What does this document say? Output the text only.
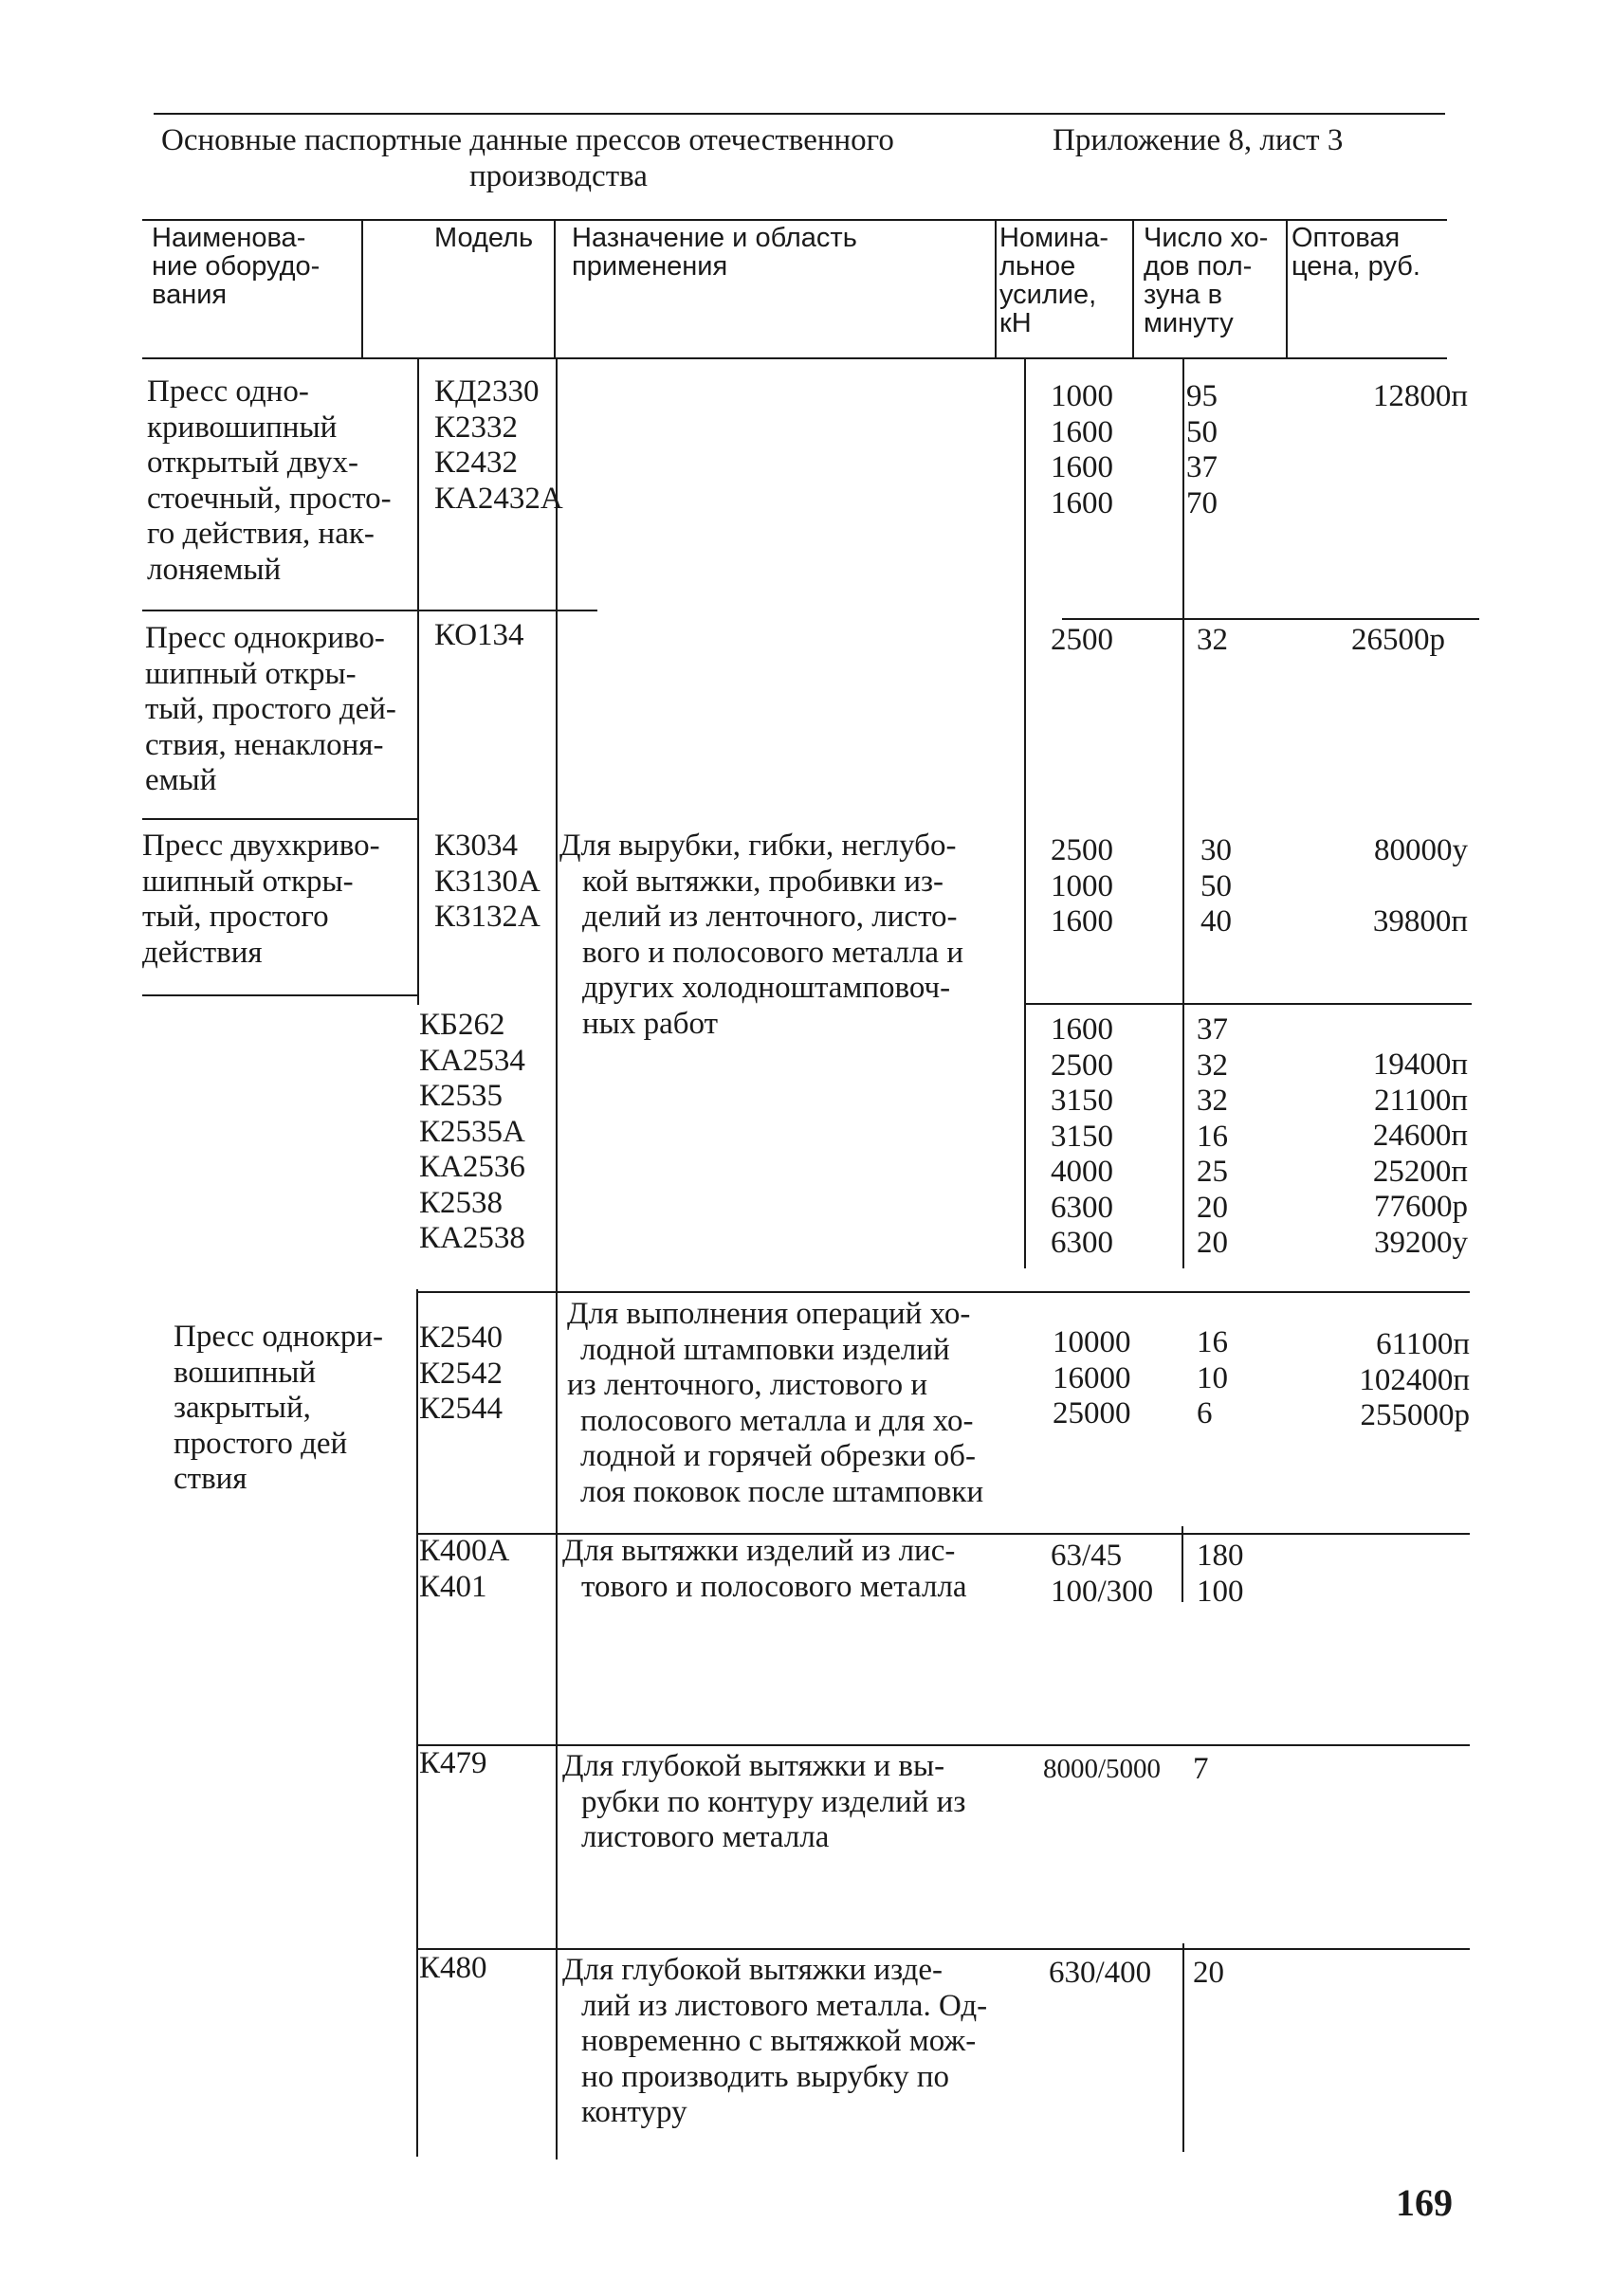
Основные паспортные данные прессов отечественного
производства
Приложение 8, лист 3
Наименова-
ние оборудо-
вания
Модель Назначение и область
применения
Номина-
льное
усилие,
кН
Число хо-
дов пол-
зуна в
минуту
Оптовая
цена, руб.
Пресс одно-
кривошипный
открытый двух-
стоечный, просто-
го действия, нак-
лоняемый
Пресс однокриво-
шипный откры-
тый, простого дей-
ствия, ненаклоня-
емый
Пресс двухкриво-
шипный откры-
тый, простого
действия
Пресс однокри-
вошипный
закрытый,
простого дей
ствия
КД2330
К2332
К2432
КА2432А
КО134
К3034
К3130А
К3132А
КБ262
КА2534
К2535
К2535А
КА2536
К2538
КА2538
К2540
К2542
К2544
К400А
К401
К479
К480
Для вырубки, гибки, неглубо-
кой вытяжки, пробивки из-
делий из ленточного, листо-
вого и полосового металла и
других холодноштамповоч-
ных работ
Для выполнения операций хо-
лодной штамповки изделий
из ленточного, листового и
полосового металла и для хо-
лодной и горячей обрезки об-
лоя поковок после штамповки
Для вытяжки изделий из лис-
тового и полосового металла
Для глубокой вытяжки и вы-
рубки по контуру изделий из
листового металла
Для глубокой вытяжки изде-
лий из листового металла. Од-
новременно с вытяжкой мож-
но производить вырубку по
контуру
1000
1600
1600
1600
2500
2500
1000
1600
1600
2500
3150
3150
4000
6300
6300
10000
16000
25000
63/45
100/300
8000/5000
630/400
95
50
37
70
32
30
50
40
37
32
32
16
25
20
20
16
10
6
180
100
7
20
12800п
26500р
80000у
39800п
19400п
21100п
24600п
25200п
77600р
39200у
61100п
102400п
255000р
169
